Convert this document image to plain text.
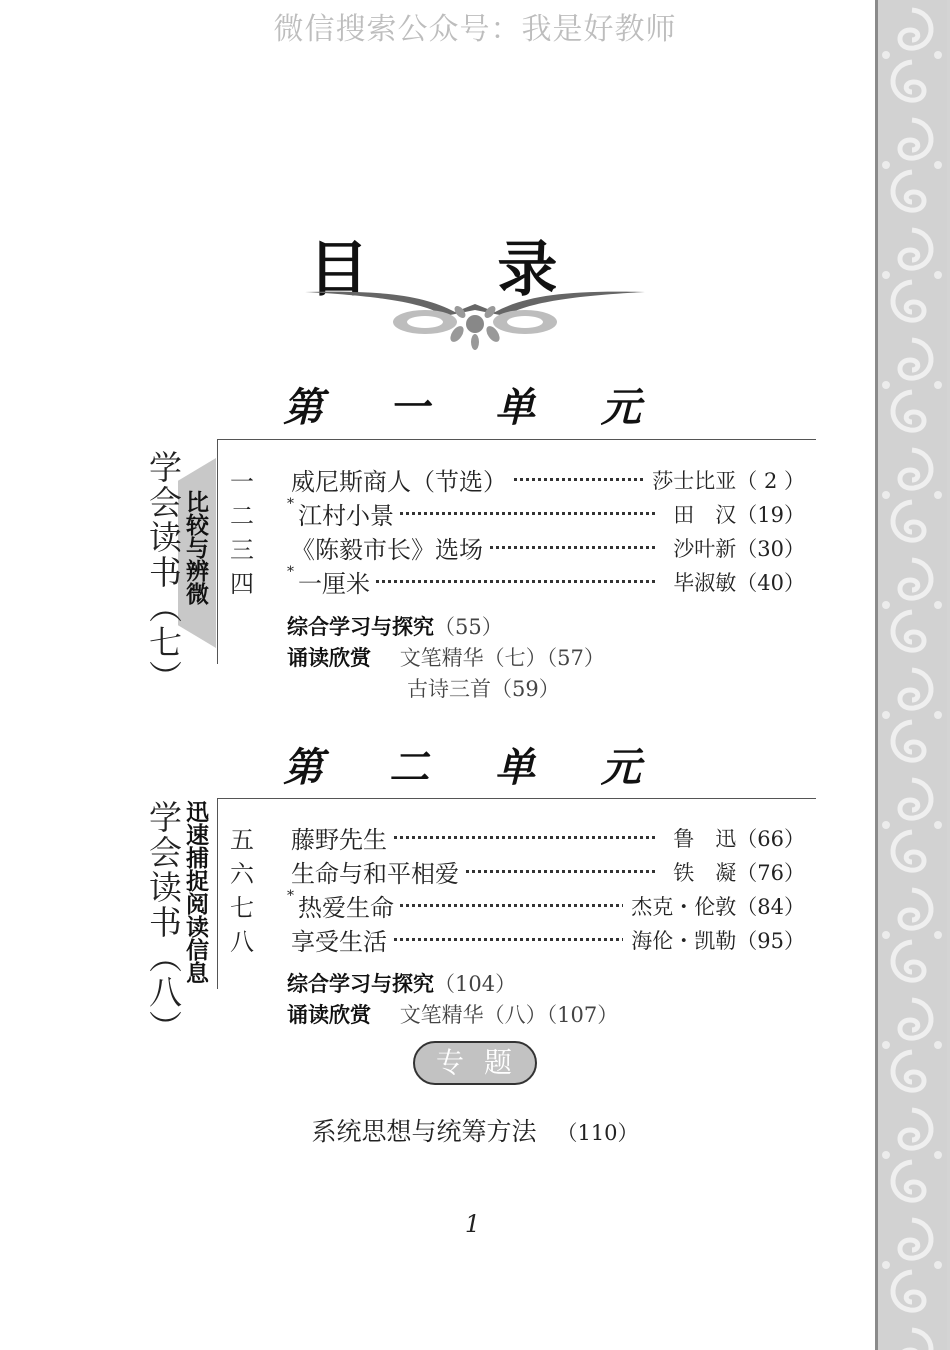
微信搜索公众号：我是好教师
目 录
第 一 单 元
学会读书（七） 比较与辨微
一	威尼斯商人（节选）	莎士比亚（ 2 ）
二	* 江村小景	田　汉（19）
三	《陈毅市长》选场	沙叶新（30）
四	* 一厘米	毕淑敏（40）
综合学习与探究（55）
诵读欣赏 文笔精华（七）（57）
古诗三首（59）
第 二 单 元
学会读书（八） 迅速捕捉阅读信息 五	藤野先生	鲁　迅（66）
六	生命与和平相爱	铁　凝（76）
七	* 热爱生命	杰克・伦敦（84）
八	享受生活	海伦・凯勒（95）
综合学习与探究（104）
诵读欣赏 文笔精华（八）（107）
专题
系统思想与统筹方法 （110）
1
